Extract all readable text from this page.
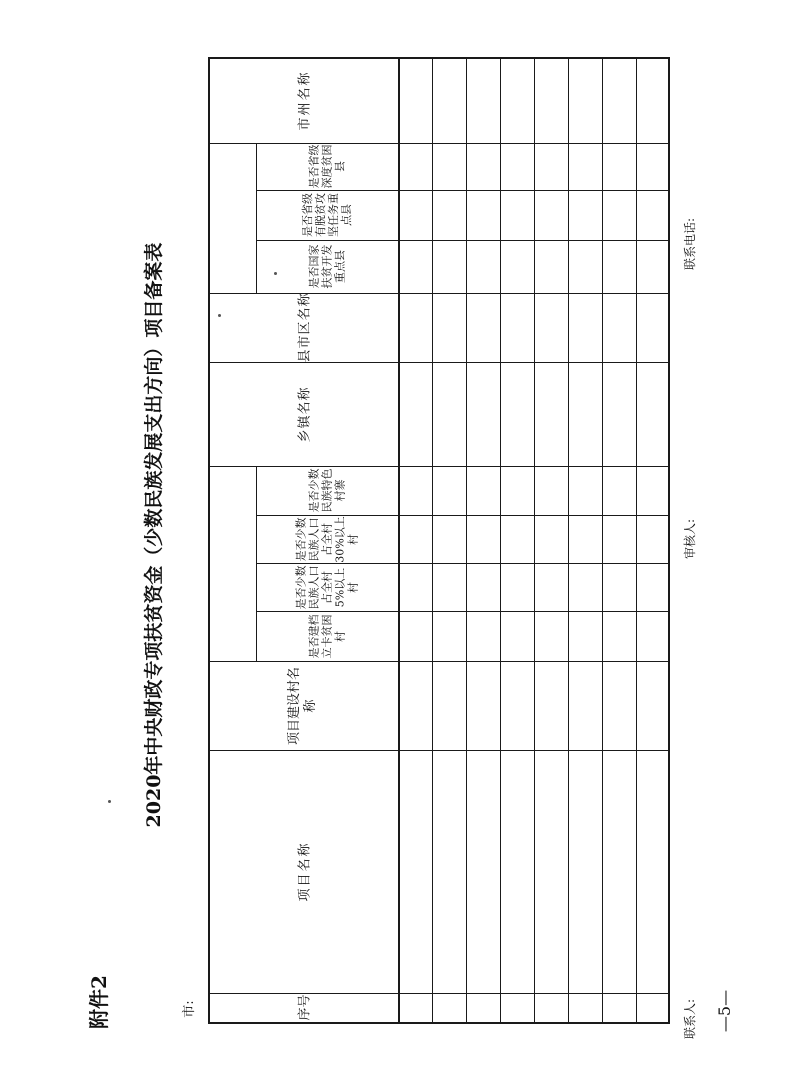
附件2
2020年中央财政专项扶贫资金（少数民族发展支出方向）项目备案表
市:	联系人:
审核人:
联系电话:
—5—
市州名称
是否省级深度贫困县
是否省级有脱贫攻坚任务重点县
是否国家扶贫开发重点县
县市区名称
乡镇名称
是否少数民族特色村寨
是否少数民族人口占全村30%以上村
是否少数民族人口占全村5%以上村
是否建档立卡贫困村
项目建设村名称
项目名称
序号
